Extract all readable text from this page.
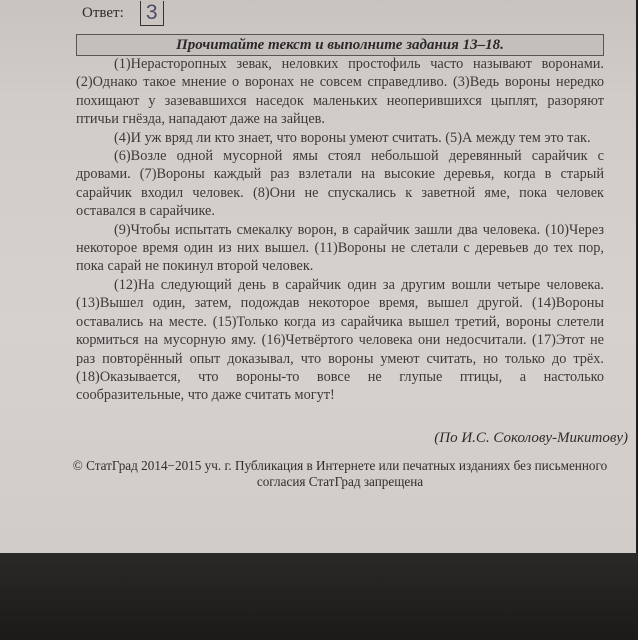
Ответ: 3
Прочитайте текст и выполните задания 13–18.

(1)Нерасторопных зевак, неловких простофиль часто называют воронами. (2)Однако такое мнение о воронах не совсем справедливо. (3)Ведь вороны нередко похищают у зазевавшихся наседок маленьких неоперившихся цыплят, разоряют птичьи гнёзда, нападают даже на зайцев.

(4)И уж вряд ли кто знает, что вороны умеют считать. (5)А между тем это так.

(6)Возле одной мусорной ямы стоял небольшой деревянный сарайчик с дровами. (7)Вороны каждый раз взлетали на высокие деревья, когда в старый сарайчик входил человек. (8)Они не спускались к заветной яме, пока человек оставался в сарайчике.

(9)Чтобы испытать смекалку ворон, в сарайчик зашли два человека. (10)Через некоторое время один из них вышел. (11)Вороны не слетали с деревьев до тех пор, пока сарай не покинул второй человек.

(12)На следующий день в сарайчик один за другим вошли четыре человека. (13)Вышел один, затем, подождав некоторое время, вышел другой. (14)Вороны оставались на месте. (15)Только когда из сарайчика вышел третий, вороны слетели кормиться на мусорную яму. (16)Четвёртого человека они недосчитали. (17)Этот не раз повторённый опыт доказывал, что вороны умеют считать, но только до трёх. (18)Оказывается, что вороны-то вовсе не глупые птицы, а настолько сообразительные, что даже считать могут!

(По И.С. Соколову-Микитову)
© СтатГрад 2014−2015 уч. г. Публикация в Интернете или печатных изданиях без письменного согласия СтатГрад запрещена
